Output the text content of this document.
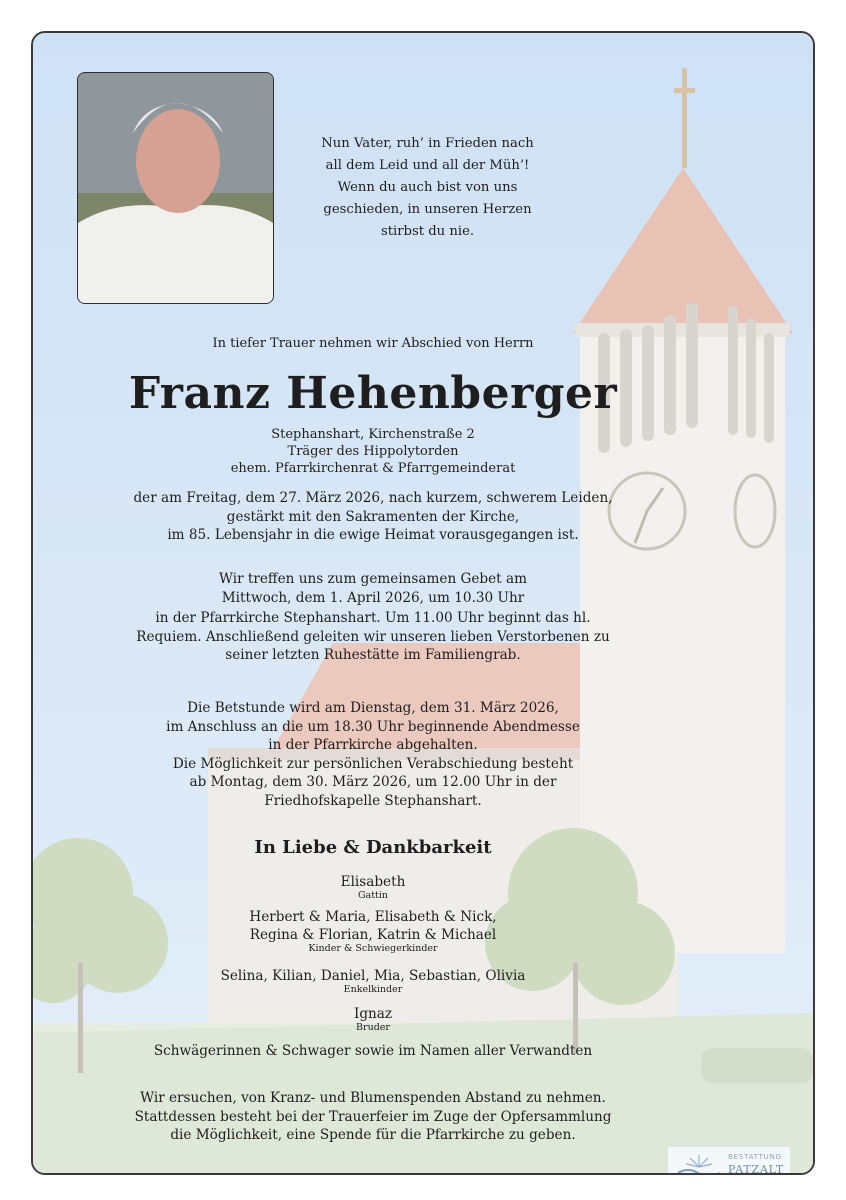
Nun Vater, ruh’ in Frieden nach
all dem Leid und all der Müh’!
Wenn du auch bist von uns
geschieden, in unseren Herzen
stirbst du nie.
In tiefer Trauer nehmen wir Abschied von Herrn
Franz Hehenberger
Stephanshart, Kirchenstraße 2
Träger des Hippolytorden
ehem. Pfarrkirchenrat & Pfarrgemeinderat
der am Freitag, dem 27. März 2026, nach kurzem, schwerem Leiden,
gestärkt mit den Sakramenten der Kirche,
im 85. Lebensjahr in die ewige Heimat vorausgegangen ist.
Wir treffen uns zum gemeinsamen Gebet am
Mittwoch, dem 1. April 2026, um 10.30 Uhr
in der Pfarrkirche Stephanshart. Um 11.00 Uhr beginnt das hl.
Requiem. Anschließend geleiten wir unseren lieben Verstorbenen zu
seiner letzten Ruhestätte im Familiengrab.
Die Betstunde wird am Dienstag, dem 31. März 2026,
im Anschluss an die um 18.30 Uhr beginnende Abendmesse
in der Pfarrkirche abgehalten.
Die Möglichkeit zur persönlichen Verabschiedung besteht
ab Montag, dem 30. März 2026, um 12.00 Uhr in der
Friedhofskapelle Stephanshart.
In Liebe & Dankbarkeit
Elisabeth
Gattin
Herbert & Maria, Elisabeth & Nick,
Regina & Florian, Katrin & Michael
Kinder & Schwiegerkinder
Selina, Kilian, Daniel, Mia, Sebastian, Olivia
Enkelkinder
Ignaz
Bruder
Schwägerinnen & Schwager sowie im Namen aller Verwandten
Wir ersuchen, von Kranz- und Blumenspenden Abstand zu nehmen.
Stattdessen besteht bei der Trauerfeier im Zuge der Opfersammlung
die Möglichkeit, eine Spende für die Pfarrkirche zu geben.
BESTATTUNG
PATZALT
